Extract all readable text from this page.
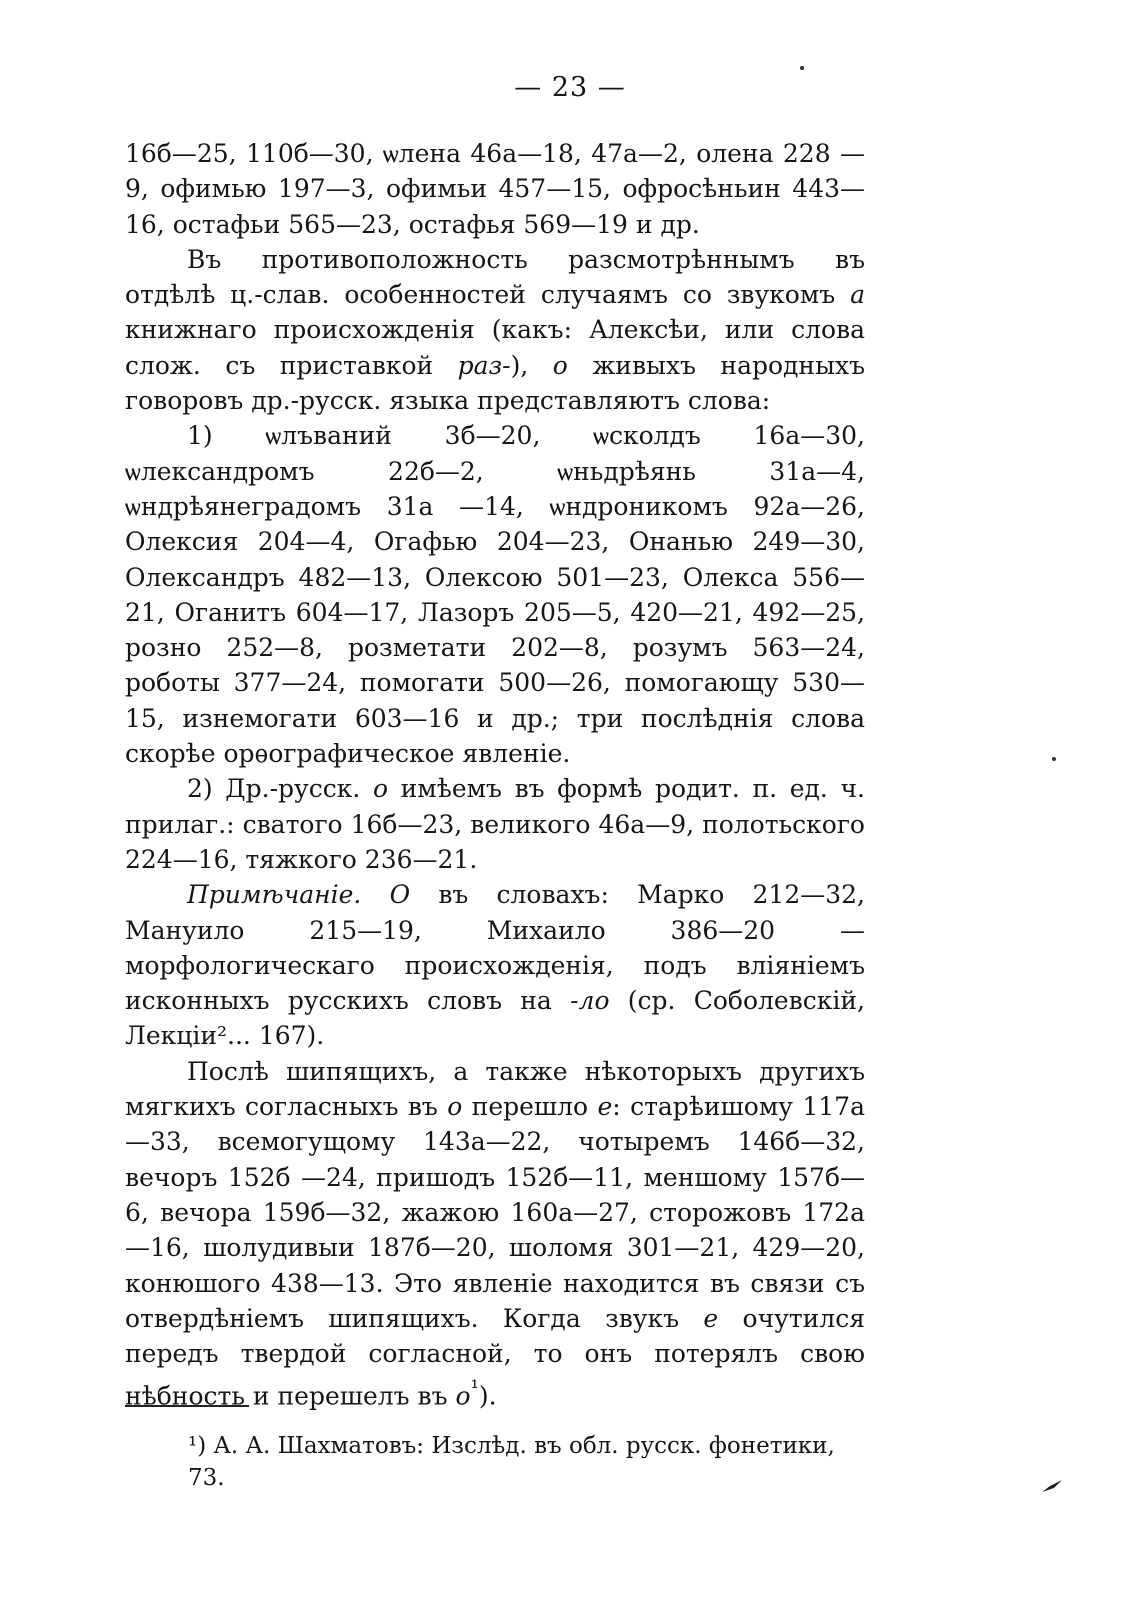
— 23 —

16б—25, 110б—30, ѡлена 46а—18, 47а—2, олена 228 —9, офимью 197—3, офимьи 457—15, офросѣньин 443—16, остафьи 565—23, остафья 569—19 и др.

Въ противоположность разсмотрѣннымъ въ отдѣлѣ ц.-слав. особенностей случаямъ со звукомъ а книжнаго происхожденія (какъ: Алексѣи, или слова слож. съ приставкой раз-), о живыхъ народныхъ говоровъ др.-русск. языка представляютъ слова:

1) ѡлъваний 3б—20, ѡсколдъ 16а—30, ѡлександромъ 22б—2, ѡньдрѣянь 31а—4, ѡндрѣянеградомъ 31а —14, ѡндроникомъ 92а—26, Олексия 204—4, Огафью 204—23, Онанью 249—30, Олександръ 482—13, Олексою 501—23, Олекса 556—21, Оганитъ 604—17, Лазоръ 205—5, 420—21, 492—25, розно 252—8, розметати 202—8, розумъ 563—24, роботы 377—24, помогати 500—26, помогающу 530—15, изнемогати 603—16 и др.; три послѣднія слова скорѣе орѳографическое явленіе.

2) Др.-русск. о имѣемъ въ формѣ родит. п. ед. ч. прилаг.: сватого 16б—23, великого 46а—9, полотьского 224—16, тяжкого 236—21.

Примѣчаніе. О въ словахъ: Марко 212—32, Мануило 215—19, Михаило 386—20 — морфологическаго происхожденія, подъ вліяніемъ исконныхъ русскихъ словъ на -ло (ср. Соболевскій, Лекціи²... 167).

Послѣ шипящихъ, а также нѣкоторыхъ другихъ мягкихъ согласныхъ въ о перешло е: старѣишому 117а—33, всемогущому 143а—22, чотыремъ 146б—32, вечоръ 152б —24, пришодъ 152б—11, меншому 157б—6, вечора 159б—32, жажою 160а—27, сторожовъ 172а—16, шолудивыи 187б—20, шоломя 301—21, 429—20, конюшого 438—13. Это явленіе находится въ связи съ отвердѣніемъ шипящихъ. Когда звукъ е очутился передъ твердой согласной, то онъ потерялъ свою нѣбность и перешелъ въ $о^{^1}$).

¹) А. А. Шахматовъ: Изслѣд. въ обл. русск. фонетики, 73.
